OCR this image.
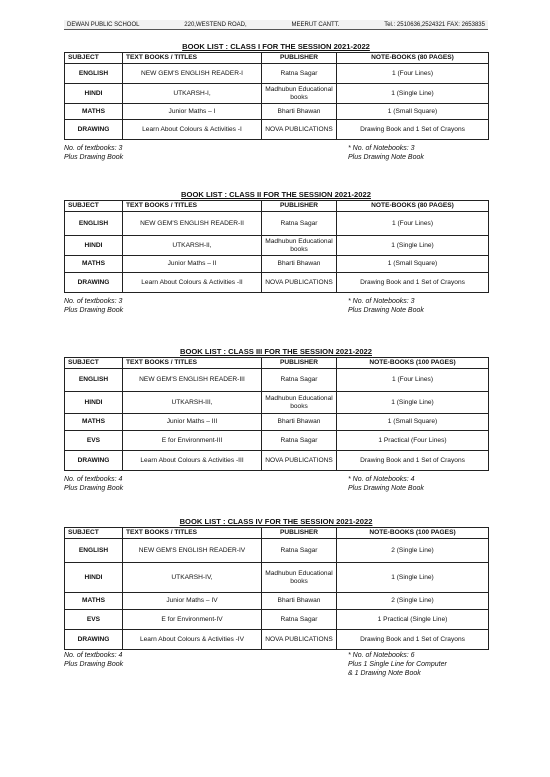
DEWAN PUBLIC SCHOOL	220,WESTEND ROAD,	MEERUT CANTT.	Tel.: 2510636,2524321 FAX: 2653835
BOOK LIST : CLASS I FOR THE SESSION 2021-2022
SUBJECT	TEXT BOOKS / TITLES	PUBLISHER	NOTE-BOOKS (80 PAGES)
ENGLISH	NEW GEM'S ENGLISH READER-I	Ratna Sagar	1 (Four Lines)
HINDI	UTKARSH-I,	Madhubun Educational books	1 (Single Line)
MATHS	Junior Maths – I	Bharti Bhawan	1 (Small Square)
DRAWING	Learn About Colours & Activities -I	NOVA PUBLICATIONS	Drawing Book and 1 Set of Crayons
No. of textbooks: 3
Plus Drawing Book
* No. of Notebooks: 3
Plus Drawing Note Book
BOOK LIST : CLASS II FOR THE SESSION 2021-2022
SUBJECT	TEXT BOOKS / TITLES	PUBLISHER	NOTE-BOOKS (80 PAGES)
ENGLISH	NEW GEM'S ENGLISH READER-II	Ratna Sagar	1 (Four Lines)
HINDI	UTKARSH-II,	Madhubun Educational books	1 (Single Line)
MATHS	Junior Maths – II	Bharti Bhawan	1 (Small Square)
DRAWING	Learn About Colours & Activities -II	NOVA PUBLICATIONS	Drawing Book and 1 Set of Crayons
No. of textbooks: 3
Plus Drawing Book
* No. of Notebooks: 3
Plus Drawing Note Book
BOOK LIST : CLASS III FOR THE SESSION 2021-2022
SUBJECT	TEXT BOOKS / TITLES	PUBLISHER	NOTE-BOOKS (100 PAGES)
ENGLISH	NEW GEM'S ENGLISH READER-III	Ratna Sagar	1 (Four Lines)
HINDI	UTKARSH-III,	Madhubun Educational books	1 (Single Line)
MATHS	Junior Maths – III	Bharti Bhawan	1 (Small Square)
EVS	E for Environment-III	Ratna Sagar	1 Practical (Four Lines)
DRAWING	Learn About Colours & Activities -III	NOVA PUBLICATIONS	Drawing Book and 1 Set of Crayons
No. of textbooks: 4
Plus Drawing Book
* No. of Notebooks: 4
Plus Drawing Note Book
BOOK LIST : CLASS IV FOR THE SESSION 2021-2022
SUBJECT	TEXT BOOKS / TITLES	PUBLISHER	NOTE-BOOKS (100 PAGES)
ENGLISH	NEW GEM'S ENGLISH READER-IV	Ratna Sagar	2 (Single Line)
HINDI	UTKARSH-IV,	Madhubun Educational books	1 (Single Line)
MATHS	Junior Maths – IV	Bharti Bhawan	2 (Single Line)
EVS	E for Environment-IV	Ratna Sagar	1 Practical (Single Line)
DRAWING	Learn About Colours & Activities -IV	NOVA PUBLICATIONS	Drawing Book and 1 Set of Crayons
No. of textbooks: 4
Plus Drawing Book
* No. of Notebooks: 6
Plus 1 Single Line for Computer
& 1 Drawing Note Book
